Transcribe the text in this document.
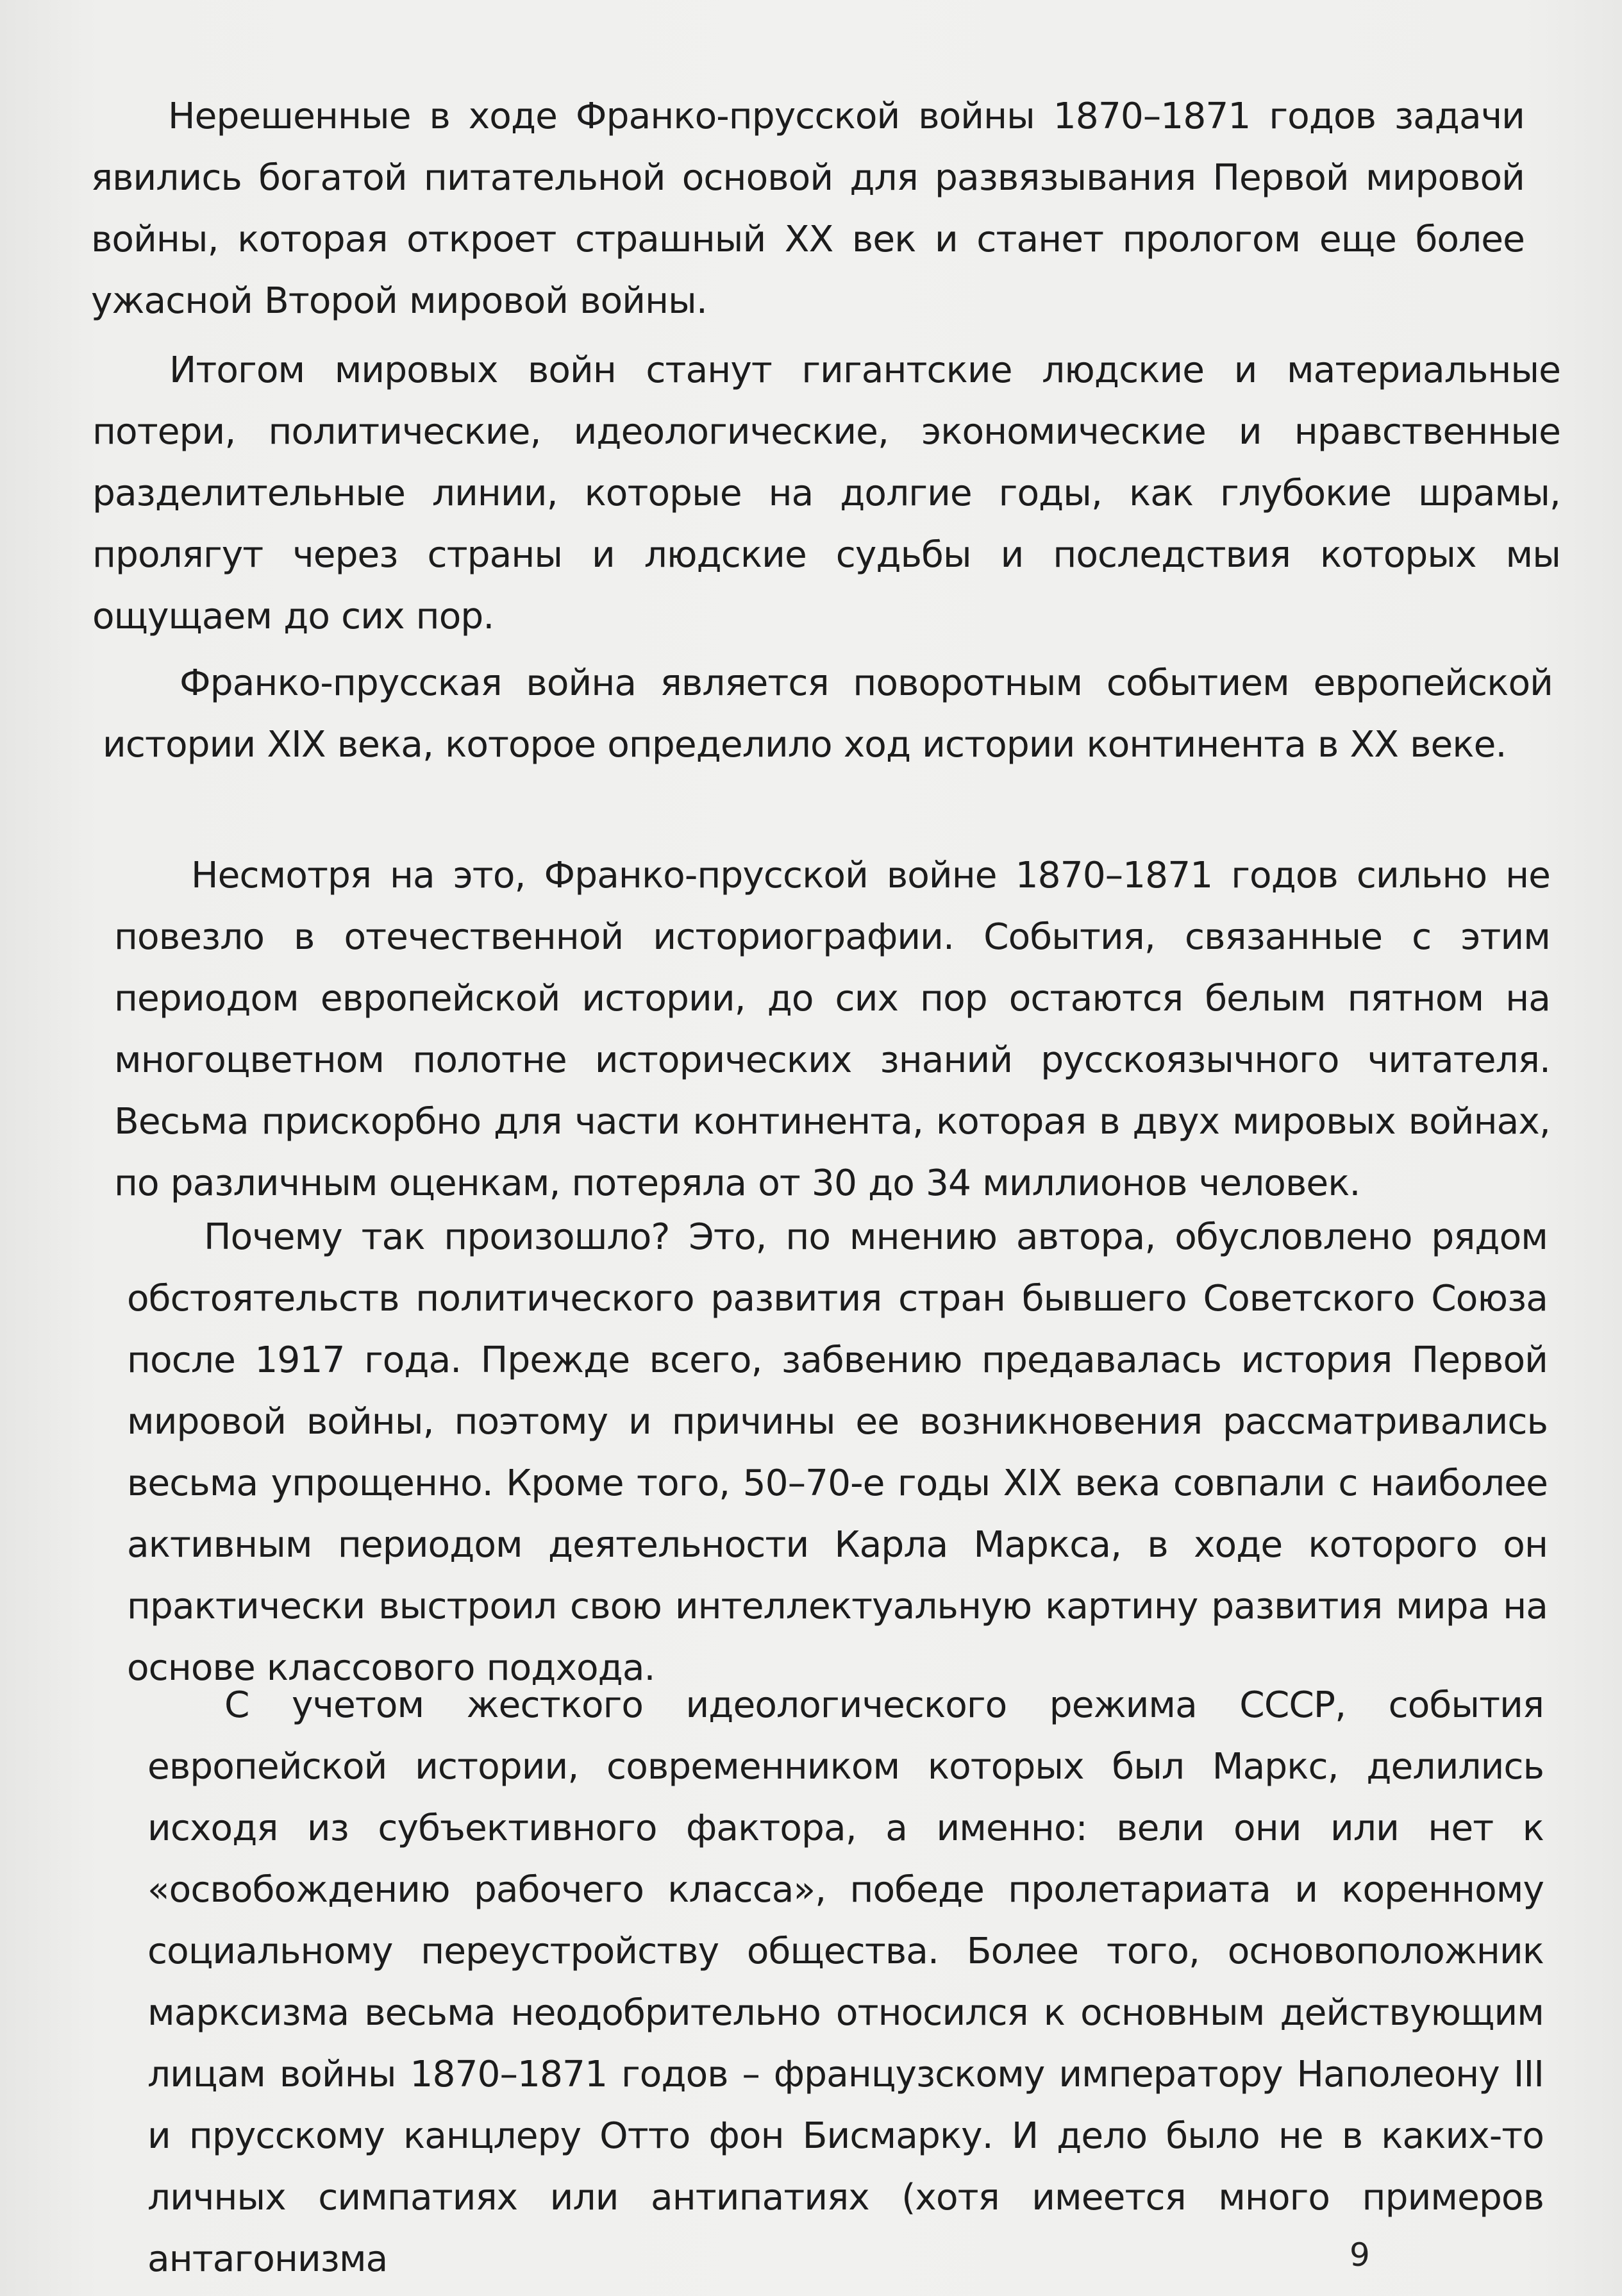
Нерешенные в ходе Франко-прусской войны 1870–1871 годов задачи явились богатой питательной основой для развязывания Первой мировой войны, которая откроет страшный XX век и станет прологом еще более ужасной Второй мировой войны.

Итогом мировых войн станут гигантские людские и материальные потери, политические, идеологические, экономические и нравственные разделительные линии, которые на долгие годы, как глубокие шрамы, пролягут через страны и людские судьбы и последствия которых мы ощущаем до сих пор.

Франко-прусская война является поворотным событием европейской истории XIX века, которое определило ход истории континента в XX веке.

Несмотря на это, Франко-прусской войне 1870–1871 годов сильно не повезло в отечественной историографии. События, связанные с этим периодом европейской истории, до сих пор остаются белым пятном на многоцветном полотне исторических знаний русскоязычного читателя. Весьма прискорбно для части континента, которая в двух мировых войнах, по различным оценкам, потеряла от 30 до 34 миллионов человек.

Почему так произошло? Это, по мнению автора, обусловлено рядом обстоятельств политического развития стран бывшего Советского Союза после 1917 года. Прежде всего, забвению предавалась история Первой мировой войны, поэтому и причины ее возникновения рассматривались весьма упрощенно. Кроме того, 50–70-е годы XIX века совпали с наиболее активным периодом деятельности Карла Маркса, в ходе которого он практически выстроил свою интеллектуальную картину развития мира на основе классового подхода.

С учетом жесткого идеологического режима СССР, события европейской истории, современником которых был Маркс, делились исходя из субъективного фактора, а именно: вели они или нет к «освобождению рабочего класса», победе пролетариата и коренному социальному переустройству общества. Более того, основоположник марксизма весьма неодобрительно относился к основным действующим лицам войны 1870–1871 годов – французскому императору Наполеону III и прусскому канцлеру Отто фон Бисмарку. И дело было не в каких-то личных симпатиях или антипатиях (хотя имеется много примеров антагонизма	9
